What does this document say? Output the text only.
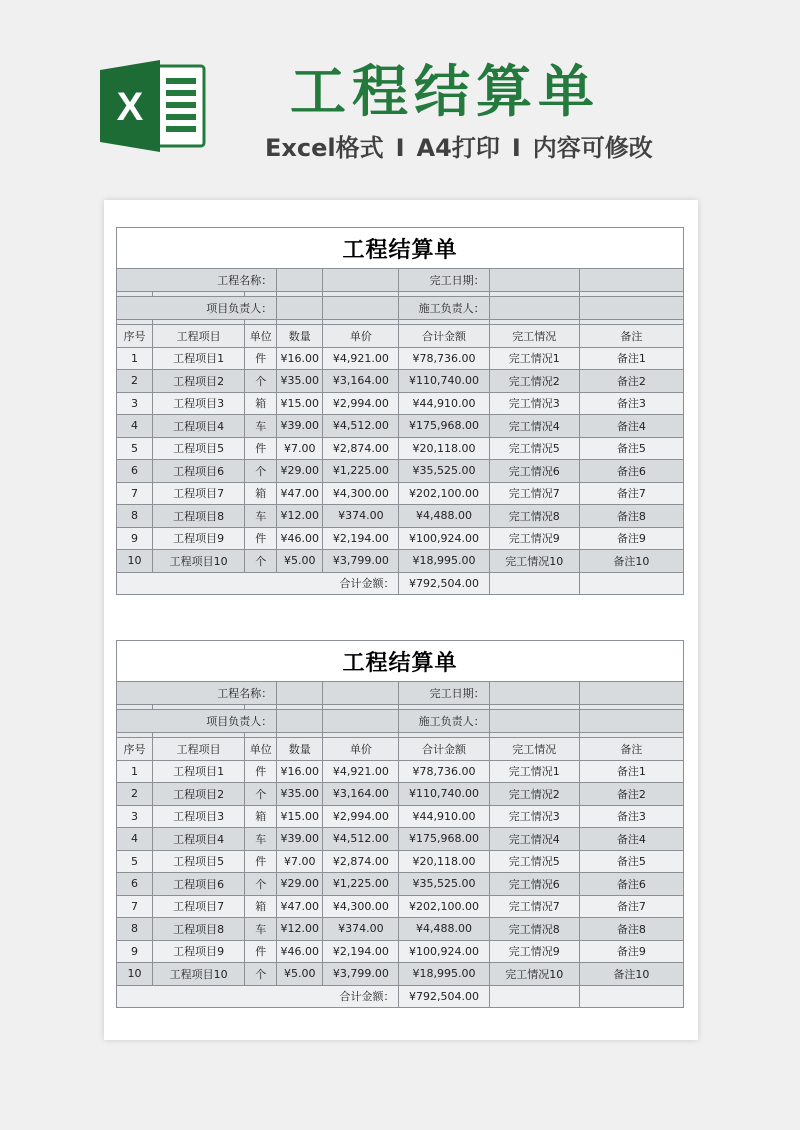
X	工程结算单
Excel格式 I A4打印 I 内容可修改
工程结算单							
工程名称：					完工日期：		

项目负责人：					施工负责人：		

序号	工程项目	单位	数量	单价	合计金额	完工情况	备注
1	工程项目1	件	¥16.00	¥4,921.00	¥78,736.00	完工情况1	备注1
2	工程项目2	个	¥35.00	¥3,164.00	¥110,740.00	完工情况2	备注2
3	工程项目3	箱	¥15.00	¥2,994.00	¥44,910.00	完工情况3	备注3
4	工程项目4	车	¥39.00	¥4,512.00	¥175,968.00	完工情况4	备注4
5	工程项目5	件	¥7.00	¥2,874.00	¥20,118.00	完工情况5	备注5
6	工程项目6	个	¥29.00	¥1,225.00	¥35,525.00	完工情况6	备注6
7	工程项目7	箱	¥47.00	¥4,300.00	¥202,100.00	完工情况7	备注7
8	工程项目8	车	¥12.00	¥374.00	¥4,488.00	完工情况8	备注8
9	工程项目9	件	¥46.00	¥2,194.00	¥100,924.00	完工情况9	备注9
10	工程项目10	个	¥5.00	¥3,799.00	¥18,995.00	完工情况10	备注10
合计金额：					¥792,504.00		
工程结算单							
工程名称：					完工日期：		

项目负责人：					施工负责人：		

序号	工程项目	单位	数量	单价	合计金额	完工情况	备注
1	工程项目1	件	¥16.00	¥4,921.00	¥78,736.00	完工情况1	备注1
2	工程项目2	个	¥35.00	¥3,164.00	¥110,740.00	完工情况2	备注2
3	工程项目3	箱	¥15.00	¥2,994.00	¥44,910.00	完工情况3	备注3
4	工程项目4	车	¥39.00	¥4,512.00	¥175,968.00	完工情况4	备注4
5	工程项目5	件	¥7.00	¥2,874.00	¥20,118.00	完工情况5	备注5
6	工程项目6	个	¥29.00	¥1,225.00	¥35,525.00	完工情况6	备注6
7	工程项目7	箱	¥47.00	¥4,300.00	¥202,100.00	完工情况7	备注7
8	工程项目8	车	¥12.00	¥374.00	¥4,488.00	完工情况8	备注8
9	工程项目9	件	¥46.00	¥2,194.00	¥100,924.00	完工情况9	备注9
10	工程项目10	个	¥5.00	¥3,799.00	¥18,995.00	完工情况10	备注10
合计金额：					¥792,504.00		
